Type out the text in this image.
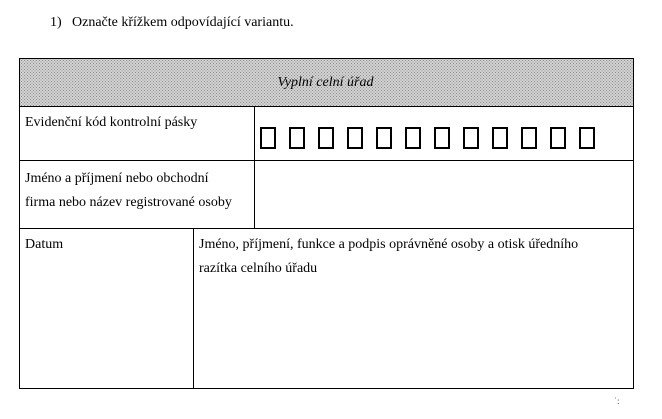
1) Označte křížkem odpovídající variantu.
Vyplní celní úřad
Evidenční kód kontrolní pásky
Jméno a příjmení nebo obchodní
firma nebo název registrované osoby
Datum	Jméno, příjmení, funkce a podpis oprávněné osoby a otisk úředního
razítka celního úřadu
˙:
